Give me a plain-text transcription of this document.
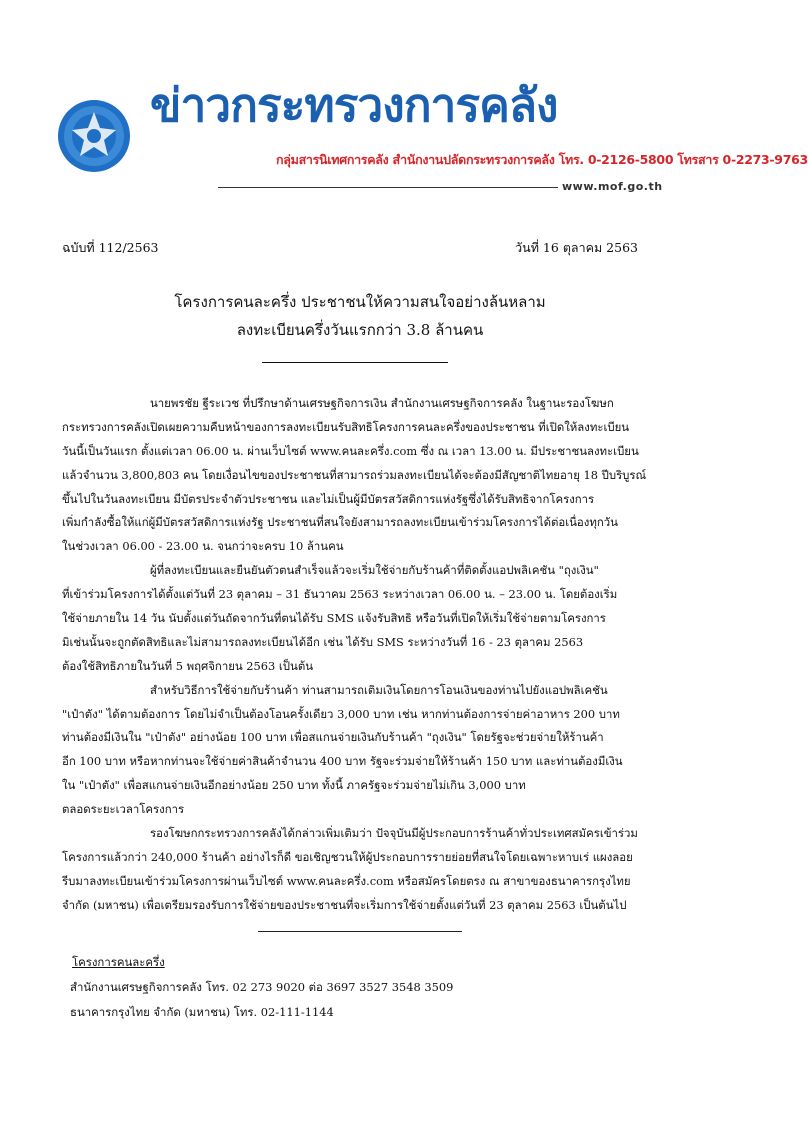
ข่าวกระทรวงการคลัง
กลุ่มสารนิเทศการคลัง สำนักงานปลัดกระทรวงการคลัง โทร. 0-2126-5800 โทรสาร 0-2273-9763
www.mof.go.th
ฉบับที่ 112/2563	วันที่ 16 ตุลาคม 2563
โครงการคนละครึ่ง ประชาชนให้ความสนใจอย่างล้นหลาม
ลงทะเบียนครึ่งวันแรกกว่า 3.8 ล้านคน
นายพรชัย ฐีระเวช ที่ปรึกษาด้านเศรษฐกิจการเงิน สำนักงานเศรษฐกิจการคลัง ในฐานะรองโฆษก
กระทรวงการคลังเปิดเผยความคืบหน้าของการลงทะเบียนรับสิทธิโครงการคนละครึ่งของประชาชน ที่เปิดให้ลงทะเบียน
วันนี้เป็นวันแรก ตั้งแต่เวลา 06.00 น. ผ่านเว็บไซต์ www.คนละครึ่ง.com ซึ่ง ณ เวลา 13.00 น. มีประชาชนลงทะเบียน
แล้วจำนวน 3,800,803 คน โดยเงื่อนไขของประชาชนที่สามารถร่วมลงทะเบียนได้จะต้องมีสัญชาติไทยอายุ 18 ปีบริบูรณ์
ขึ้นไปในวันลงทะเบียน มีบัตรประจำตัวประชาชน และไม่เป็นผู้มีบัตรสวัสดิการแห่งรัฐซึ่งได้รับสิทธิจากโครงการ
เพิ่มกำลังซื้อให้แก่ผู้มีบัตรสวัสดิการแห่งรัฐ ประชาชนที่สนใจยังสามารถลงทะเบียนเข้าร่วมโครงการได้ต่อเนื่องทุกวัน
ในช่วงเวลา 06.00 - 23.00 น. จนกว่าจะครบ 10 ล้านคน
ผู้ที่ลงทะเบียนและยืนยันตัวตนสำเร็จแล้วจะเริ่มใช้จ่ายกับร้านค้าที่ติดตั้งแอปพลิเคชัน "ถุงเงิน"
ที่เข้าร่วมโครงการได้ตั้งแต่วันที่ 23 ตุลาคม – 31 ธันวาคม 2563 ระหว่างเวลา 06.00 น. – 23.00 น. โดยต้องเริ่ม
ใช้จ่ายภายใน 14 วัน นับตั้งแต่วันถัดจากวันที่ตนได้รับ SMS แจ้งรับสิทธิ หรือวันที่เปิดให้เริ่มใช้จ่ายตามโครงการ
มิเช่นนั้นจะถูกตัดสิทธิและไม่สามารถลงทะเบียนได้อีก เช่น ได้รับ SMS ระหว่างวันที่ 16 - 23 ตุลาคม 2563
ต้องใช้สิทธิภายในวันที่ 5 พฤศจิกายน 2563 เป็นต้น
สำหรับวิธีการใช้จ่ายกับร้านค้า ท่านสามารถเติมเงินโดยการโอนเงินของท่านไปยังแอปพลิเคชัน
"เป๋าตัง" ได้ตามต้องการ โดยไม่จำเป็นต้องโอนครั้งเดียว 3,000 บาท เช่น หากท่านต้องการจ่ายค่าอาหาร 200 บาท
ท่านต้องมีเงินใน "เป๋าตัง" อย่างน้อย 100 บาท เพื่อสแกนจ่ายเงินกับร้านค้า "ถุงเงิน" โดยรัฐจะช่วยจ่ายให้ร้านค้า
อีก 100 บาท หรือหากท่านจะใช้จ่ายค่าสินค้าจำนวน 400 บาท รัฐจะร่วมจ่ายให้ร้านค้า 150 บาท และท่านต้องมีเงิน
ใน "เป๋าตัง" เพื่อสแกนจ่ายเงินอีกอย่างน้อย 250 บาท ทั้งนี้ ภาครัฐจะร่วมจ่ายไม่เกิน 3,000 บาท
ตลอดระยะเวลาโครงการ
รองโฆษกกระทรวงการคลังได้กล่าวเพิ่มเติมว่า ปัจจุบันมีผู้ประกอบการร้านค้าทั่วประเทศสมัครเข้าร่วม
โครงการแล้วกว่า 240,000 ร้านค้า อย่างไรก็ดี ขอเชิญชวนให้ผู้ประกอบการรายย่อยที่สนใจโดยเฉพาะหาบเร่ แผงลอย
รีบมาลงทะเบียนเข้าร่วมโครงการผ่านเว็บไซต์ www.คนละครึ่ง.com หรือสมัครโดยตรง ณ สาขาของธนาคารกรุงไทย
จำกัด (มหาชน) เพื่อเตรียมรองรับการใช้จ่ายของประชาชนที่จะเริ่มการใช้จ่ายตั้งแต่วันที่ 23 ตุลาคม 2563 เป็นต้นไป
โครงการคนละครึ่ง
สำนักงานเศรษฐกิจการคลัง โทร. 02 273 9020 ต่อ 3697 3527 3548 3509
ธนาคารกรุงไทย จำกัด (มหาชน) โทร. 02-111-1144
